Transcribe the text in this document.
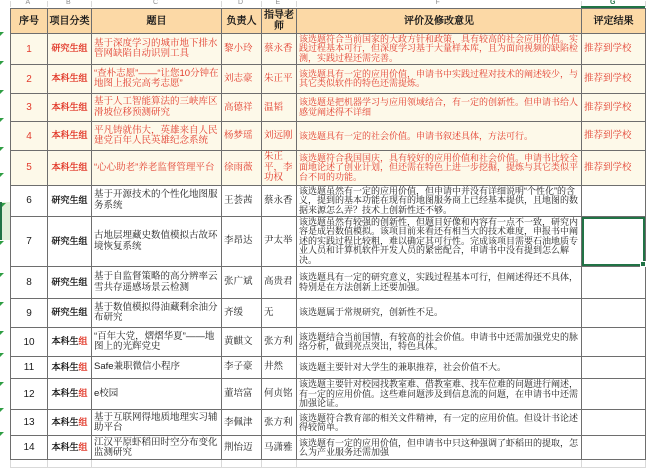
A	B	C	D	E	F	G
序号	项目分类	题目	负责人	指导老师	评价及修改意见	评定结果
1	研究生组	基于深度学习的城市地下排水管网缺陷自动识别工具	黎小玲	蔡永香	该选题符合当前国家的大政方针和政策，具有较高的社会应用价值。实践过程基本可行，但深度学习基于大量样本库，且为面向视频的缺陷检测，实践过程还需完善。	推荐到学校
2	本科生组	“查朴志愿”——“让您10分钟在地图上报完高考志愿”	刘志豪	朱正平	该选题具有一定的应用价值，申请书中实践过程对技术的阐述较少，与其它类似软件的特色还需提炼。	推荐到学校
3	本科生组	基于人工智能算法的三峡库区滑坡位移预测研究	高德祥	温韬	该选题是把机器学习与应用领域结合，有一定的创新性。但申请书给人感觉阐述得不详细	推荐到学校
4	本科生组	平凡铸就伟大，英雄来自人民建党百年人民英雄纪念系统	杨梦瑶	刘远刚	该选题具有一定的社会价值。申请书叙述具体，方法可行。	推荐到学校
5	本科生组	“心心助老”养老监督管理平台	徐雨薇	朱正平，李功权	该选题符合我国国庆，具有较好的应用价值和社会价值。申请书比较全面地论述了创业计划，但还需在特色上进一步挖掘，提炼与其它类似平台不同的功能。	推荐到学校
6	研究生组	基于开源技术的个性化地图服务系统	王荟茜	蔡永香	该选题虽然有一定的应用价值，但申请中并没有详细说明“个性化”的含义，提到的基本功能在现有的地图服务商上已经基本提供，且地图的数据来源怎么弄？技术上创新性还不够。	
7	研究生组	古地层埋藏史数值模拟古故环境恢复系统	李昂达	尹太举	该选题虽然有较强的创新性，但题目好像和内容有一点不一致，研究内容是成岩数值模拟。该项目前来看还有相当大的技术难度，申报书中阐述的实践过程比较粗，难以确定其可行性。完成该项目需要石油地质专业人员和计算机软件开发人员的紧密配合，申请书中没有提到怎么解决。	
8	研究生组	基于自监督策略的高分辨率云雪共存遥感场景云检测	张广斌	高贵君	该选题具有一定的研究意义，实践过程基本可行，但阐述得还不具体，特别是在方法创新上还要加强。	
9	研究生组	基于数值模拟得油藏剩余油分布研究	齐缓	无	该选题属于常规研究，创新性不足。	
10	本科生组	“百年大党，熠熠华夏”——地图上的光辉党史	黄麒文	张方利	该选题结合当前国情，有较高的社会价值。申请书中还需加强党史的脉络分析，做到亮点突出，特色具体。	
11	本科生组	Safe兼职微信小程序	李子豪	井然	该选题主要针对大学生的兼职推荐，社会价值不大。	
12	本科生组	e校园	董培富	何贞铭	该选题主要针对校园找教室难、借教室难、找车位难的问题进行阐述，有一定的应用价值。这些难问题涉及到信息流的问题，在申请书中还需加强论证。	
13	本科生组	基于互联网得地质地理实习辅助平台	李佩津	张方利	该选题符合教育部的相关文件精神，有一定的应用价值。但设计书论述得较简单。	
14	本科生组	江汉平原虾稻田时空分布变化监测研究	荆怡迈	马潇雅	该选题有一定的应用价值，但申请书中只这种强调了虾稻田的提取，怎么为产业服务还需加强	
